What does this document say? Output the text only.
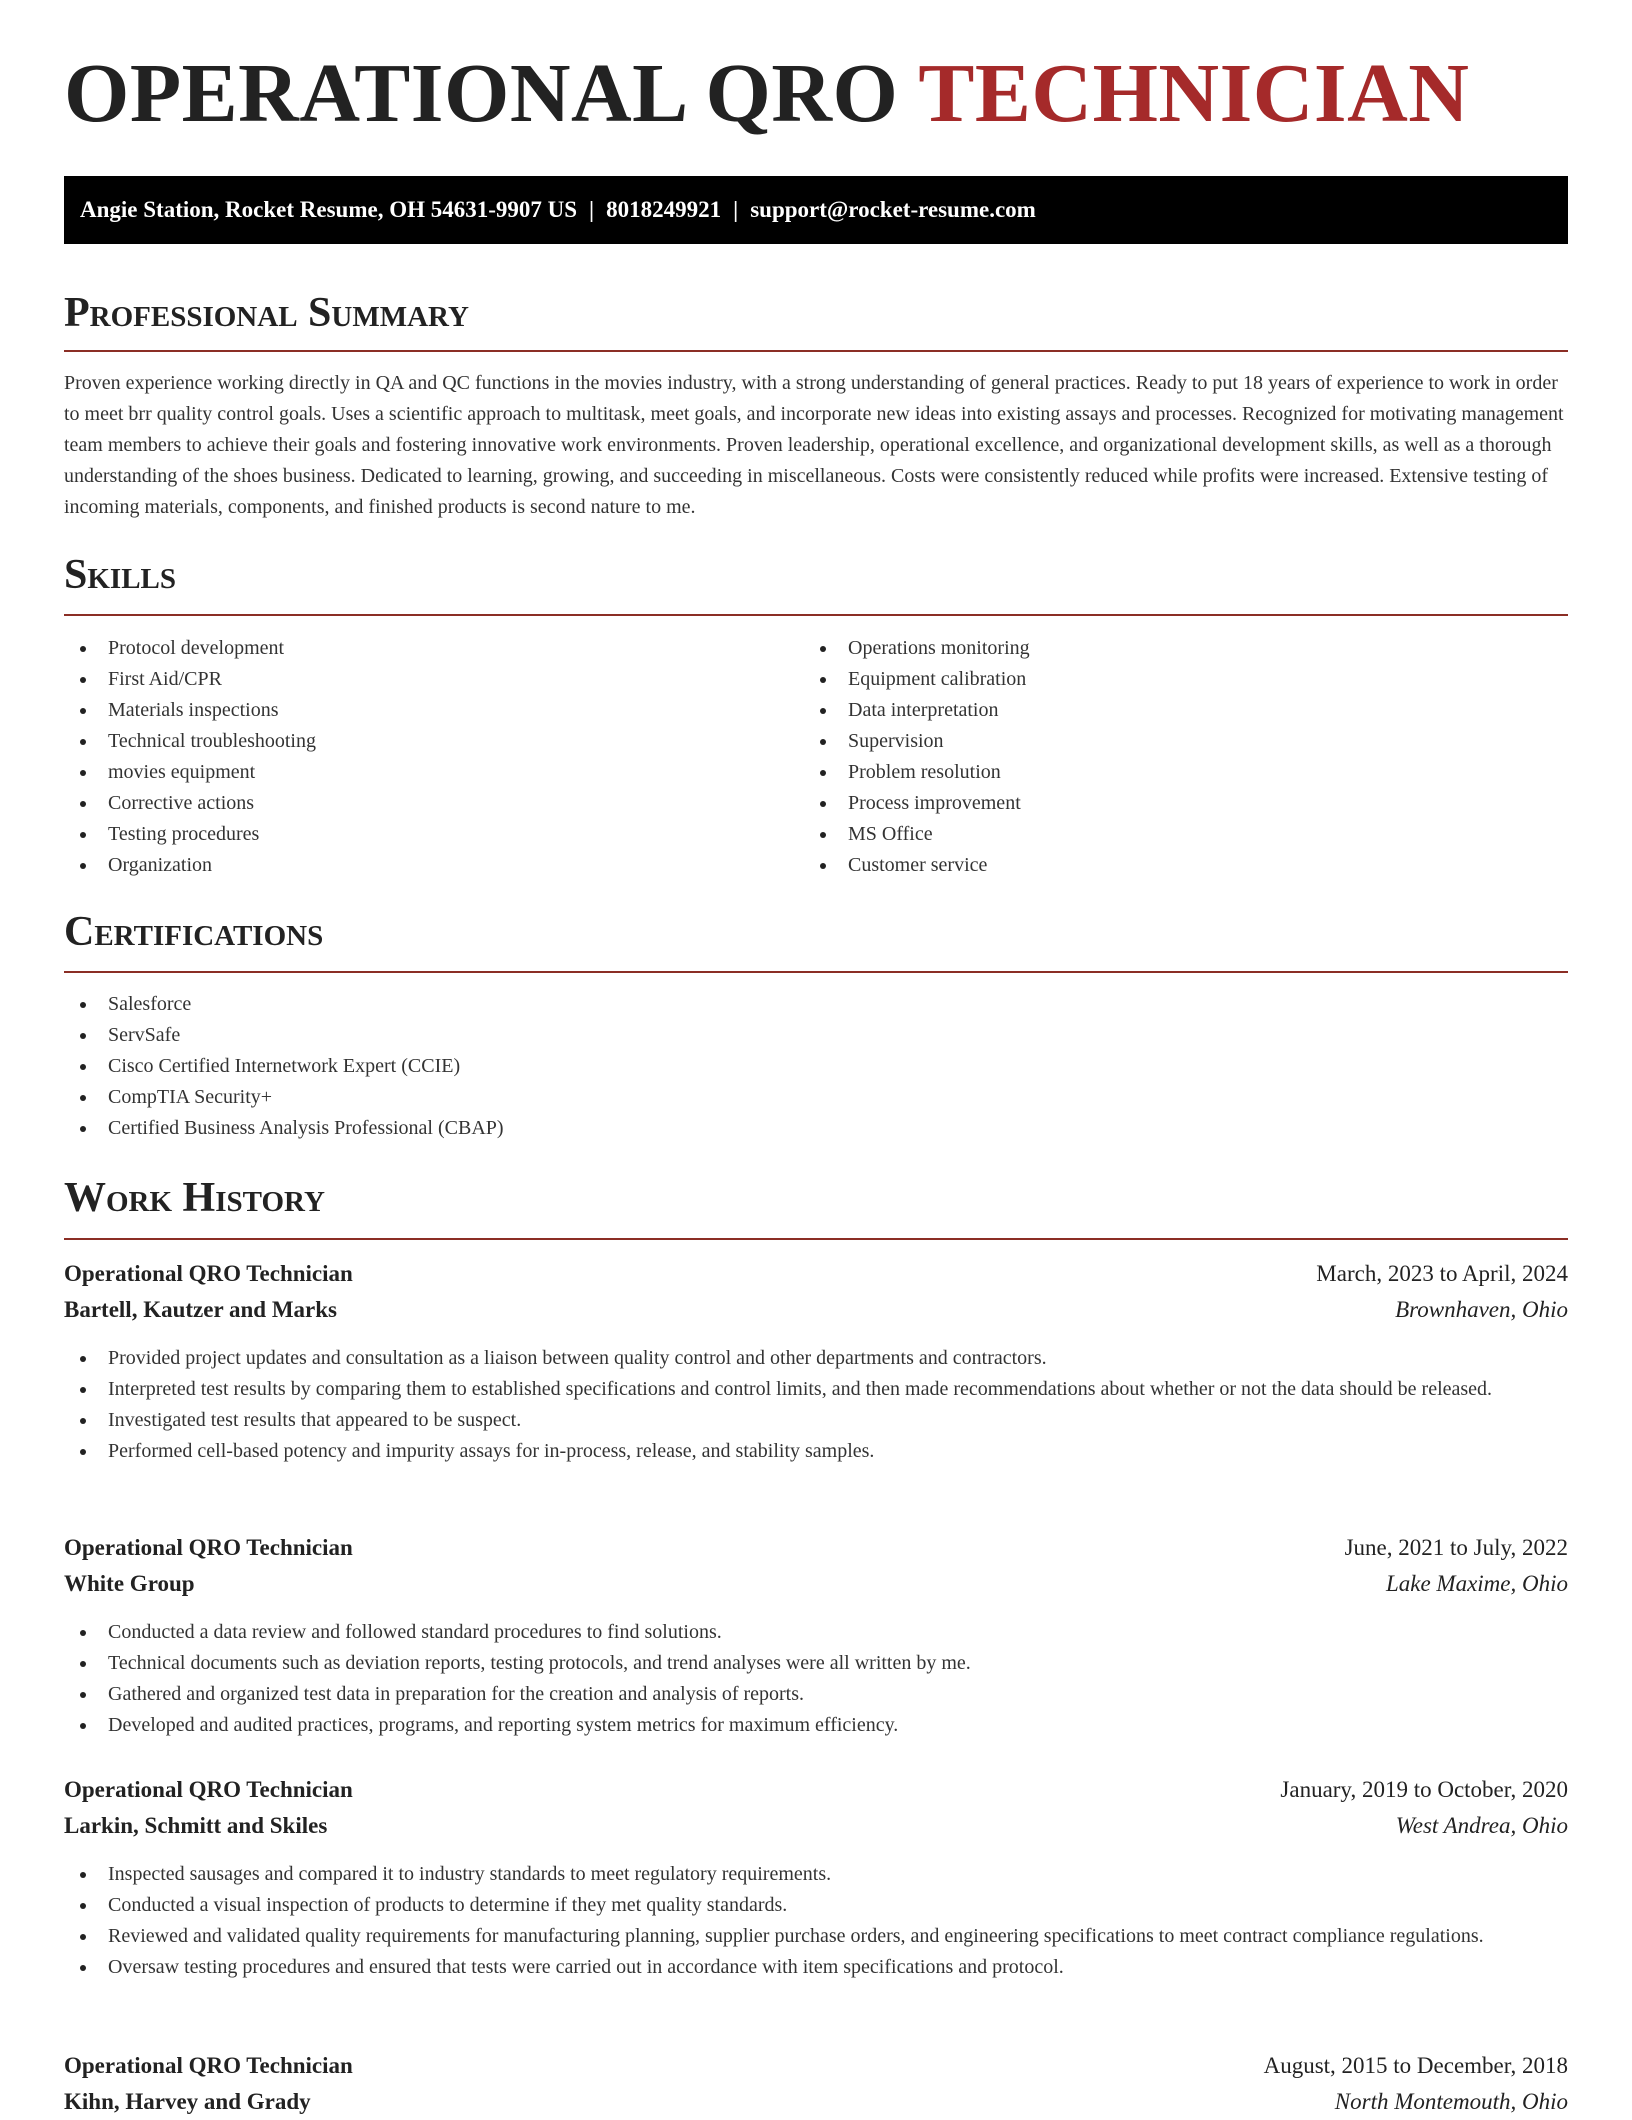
OPERATIONAL QRO TECHNICIAN
Angie Station, Rocket Resume, OH 54631-9907 US | 8018249921 | support@rocket-resume.com
Professional Summary

Proven experience working directly in QA and QC functions in the movies industry, with a strong understanding of general practices. Ready to put 18 years of experience to work in order to meet brr quality control goals. Uses a scientific approach to multitask, meet goals, and incorporate new ideas into existing assays and processes. Recognized for motivating management team members to achieve their goals and fostering innovative work environments. Proven leadership, operational excellence, and organizational development skills, as well as a thorough understanding of the shoes business. Dedicated to learning, growing, and succeeding in miscellaneous. Costs were consistently reduced while profits were increased. Extensive testing of incoming materials, components, and finished products is second nature to me.

Skills
Protocol development
First Aid/CPR
Materials inspections
Technical troubleshooting
movies equipment
Corrective actions
Testing procedures
Organization
Operations monitoring
Equipment calibration
Data interpretation
Supervision
Problem resolution
Process improvement
MS Office
Customer service
Certifications
Salesforce
ServSafe
Cisco Certified Internetwork Expert (CCIE)
CompTIA Security+
Certified Business Analysis Professional (CBAP)
Work History
Operational QRO Technician	March, 2023 to April, 2024
Bartell, Kautzer and Marks	Brownhaven, Ohio
Provided project updates and consultation as a liaison between quality control and other departments and contractors.
Interpreted test results by comparing them to established specifications and control limits, and then made recommendations about whether or not the data should be released.
Investigated test results that appeared to be suspect.
Performed cell-based potency and impurity assays for in-process, release, and stability samples.
Operational QRO Technician	June, 2021 to July, 2022
White Group	Lake Maxime, Ohio
Conducted a data review and followed standard procedures to find solutions.
Technical documents such as deviation reports, testing protocols, and trend analyses were all written by me.
Gathered and organized test data in preparation for the creation and analysis of reports.
Developed and audited practices, programs, and reporting system metrics for maximum efficiency.
Operational QRO Technician	January, 2019 to October, 2020
Larkin, Schmitt and Skiles	West Andrea, Ohio
Inspected sausages and compared it to industry standards to meet regulatory requirements.
Conducted a visual inspection of products to determine if they met quality standards.
Reviewed and validated quality requirements for manufacturing planning, supplier purchase orders, and engineering specifications to meet contract compliance regulations.
Oversaw testing procedures and ensured that tests were carried out in accordance with item specifications and protocol.
Operational QRO Technician	August, 2015 to December, 2018
Kihn, Harvey and Grady	North Montemouth, Ohio
